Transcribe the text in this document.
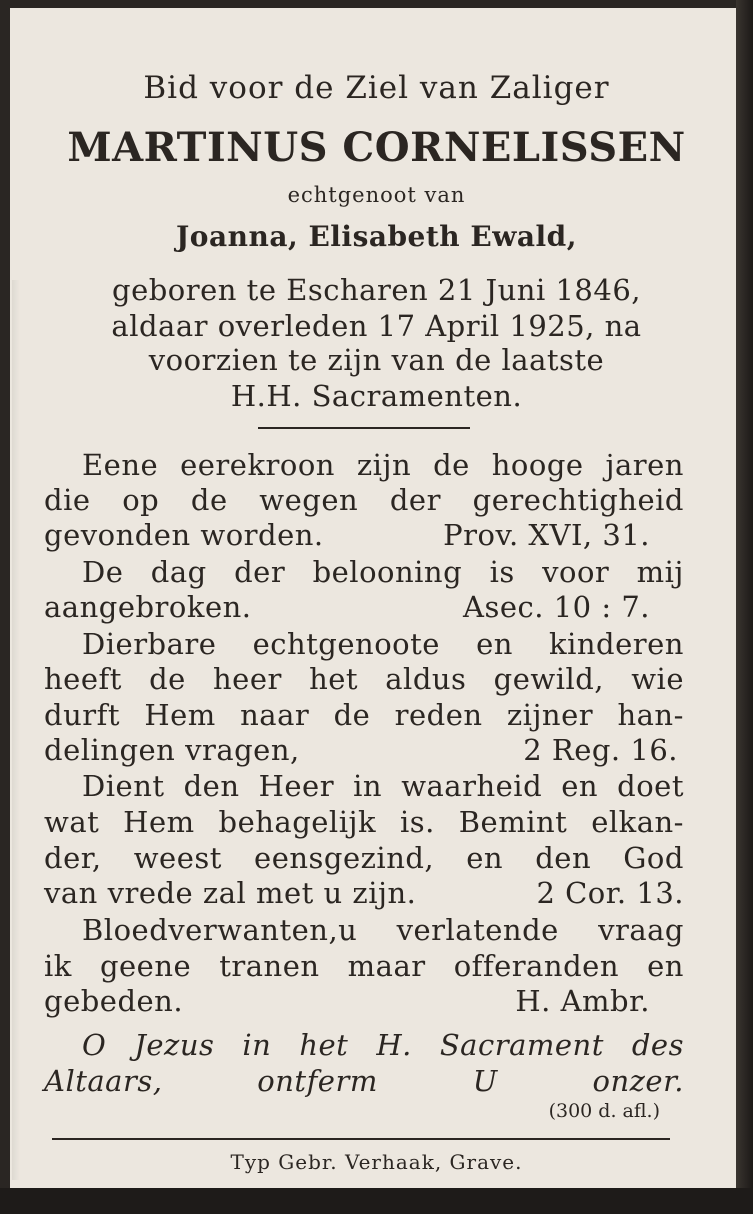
Bid voor de Ziel van Zaliger
MARTINUS CORNELISSEN
echtgenoot van
Joanna, Elisabeth Ewald,
geboren te Escharen 21 Juni 1846,
aldaar overleden 17 April 1925, na
voorzien te zijn van de laatste
H.H. Sacramenten.
Eene eerekroon zijn de hooge jaren
die op de wegen der gerechtigheid
gevonden worden.	Prov. XVI, 31.
De dag der belooning is voor mij
aangebroken.	Asec. 10 : 7.
Dierbare echtgenoote en kinderen
heeft de heer het aldus gewild, wie
durft Hem naar de reden zijner han-
delingen vragen,	2 Reg. 16.
Dient den Heer in waarheid en doet
wat Hem behagelijk is. Bemint elkan-
der, weest eensgezind, en den God
van vrede zal met u zijn.	2 Cor. 13.
Bloedverwanten,u verlatende vraag
ik geene tranen maar offeranden en
gebeden.	H. Ambr.
O Jezus in het H. Sacrament des
Altaars,	ontferm	U	onzer.
(300 d. afl.)
Typ Gebr. Verhaak, Grave.
